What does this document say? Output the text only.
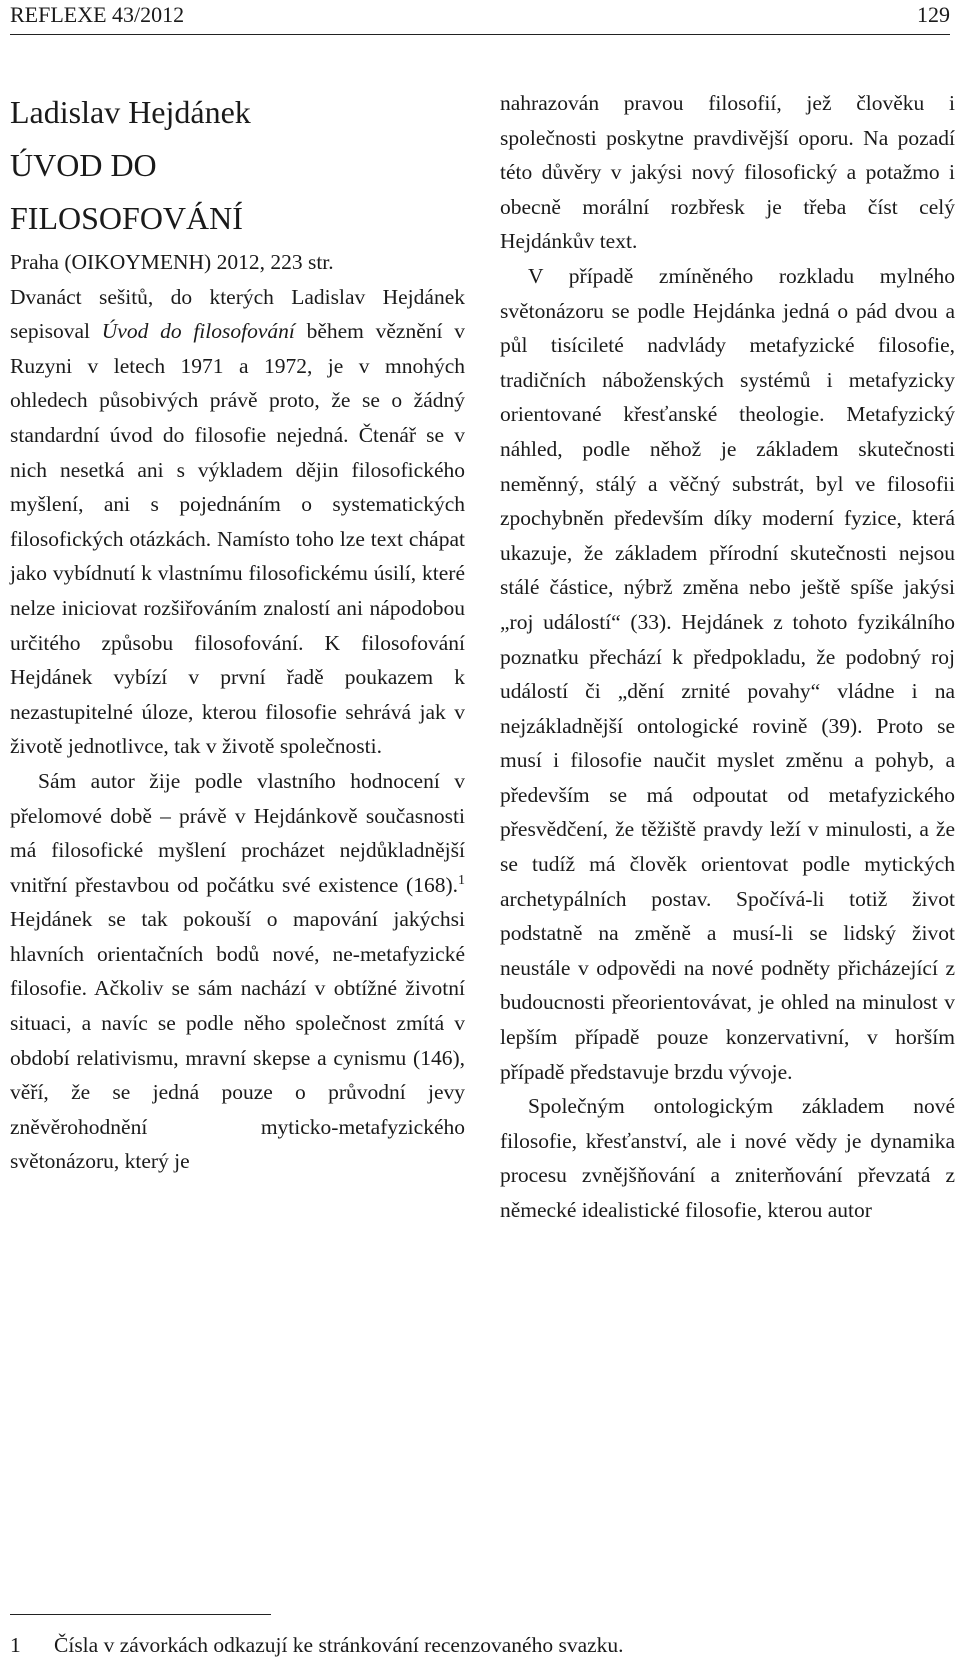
REFLEXE 43/2012	129

Ladislav Hejdánek

ÚVOD DO FILOSOFOVÁNÍ

Praha (OIKOYMENH) 2012, 223 str.

Dvanáct sešitů, do kterých Ladislav Hejdánek sepisoval Úvod do filosofování během věznění v Ruzyni v letech 1971 a 1972, je v mnohých ohledech působivých právě proto, že se o žádný standardní úvod do filosofie nejedná. Čtenář se v nich nesetká ani s výkladem dějin filosofického myšlení, ani s pojednáním o systematických filosofických otázkách. Namísto toho lze text chápat jako vybídnutí k vlastnímu filosofickému úsilí, které nelze iniciovat rozšiřováním znalostí ani nápodobou určitého způsobu filosofování. K filosofování Hejdánek vybízí v první řadě poukazem k nezastupitelné úloze, kterou filosofie sehrává jak v životě jednotlivce, tak v životě společnosti.

Sám autor žije podle vlastního hodnocení v přelomové době – právě v Hejdánkově současnosti má filosofické myšlení procházet nejdůkladnější vnitřní přestavbou od počátku své existence (168).$^1$ Hejdánek se tak pokouší o mapování jakýchsi hlavních orientačních bodů nové, ne-metafyzické filosofie. Ačkoliv se sám nachází v obtížné životní situaci, a navíc se podle něho společnost zmítá v období relativismu, mravní skepse a cynismu (146), věří, že se jedná pouze o průvodní jevy zněvěrohodnění myticko-metafyzického světonázoru, který je

nahrazován pravou filosofií, jež člověku i společnosti poskytne pravdivější oporu. Na pozadí této důvěry v jakýsi nový filosofický a potažmo i obecně morální rozbřesk je třeba číst celý Hejdánkův text.

V případě zmíněného rozkladu mylného světonázoru se podle Hejdánka jedná o pád dvou a půl tisícileté nadvlády metafyzické filosofie, tradičních náboženských systémů i metafyzicky orientované křesťanské theologie. Metafyzický náhled, podle něhož je základem skutečnosti neměnný, stálý a věčný substrát, byl ve filosofii zpochybněn především díky moderní fyzice, která ukazuje, že základem přírodní skutečnosti nejsou stálé částice, nýbrž změna nebo ještě spíše jakýsi „roj událostí“ (33). Hejdánek z tohoto fyzikálního poznatku přechází k předpokladu, že podobný roj událostí či „dění zrnité povahy“ vládne i na nejzákladnější ontologické rovině (39). Proto se musí i filosofie naučit myslet změnu a pohyb, a především se má odpoutat od metafyzického přesvědčení, že těžiště pravdy leží v minulosti, a že se tudíž má člověk orientovat podle mytických archetypálních postav. Spočívá-li totiž život podstatně na změně a musí-li se lidský život neustále v odpovědi na nové podněty přicházející z budoucnosti přeorientovávat, je ohled na minulost v lepším případě pouze konzervativní, v horším případě představuje brzdu vývoje.

Společným ontologickým základem nové filosofie, křesťanství, ale i nové vědy je dynamika procesu zvnějšňování a zniterňování převzatá z německé idealistické filosofie, kterou autor

1 Čísla v závorkách odkazují ke stránkování recenzovaného svazku.
